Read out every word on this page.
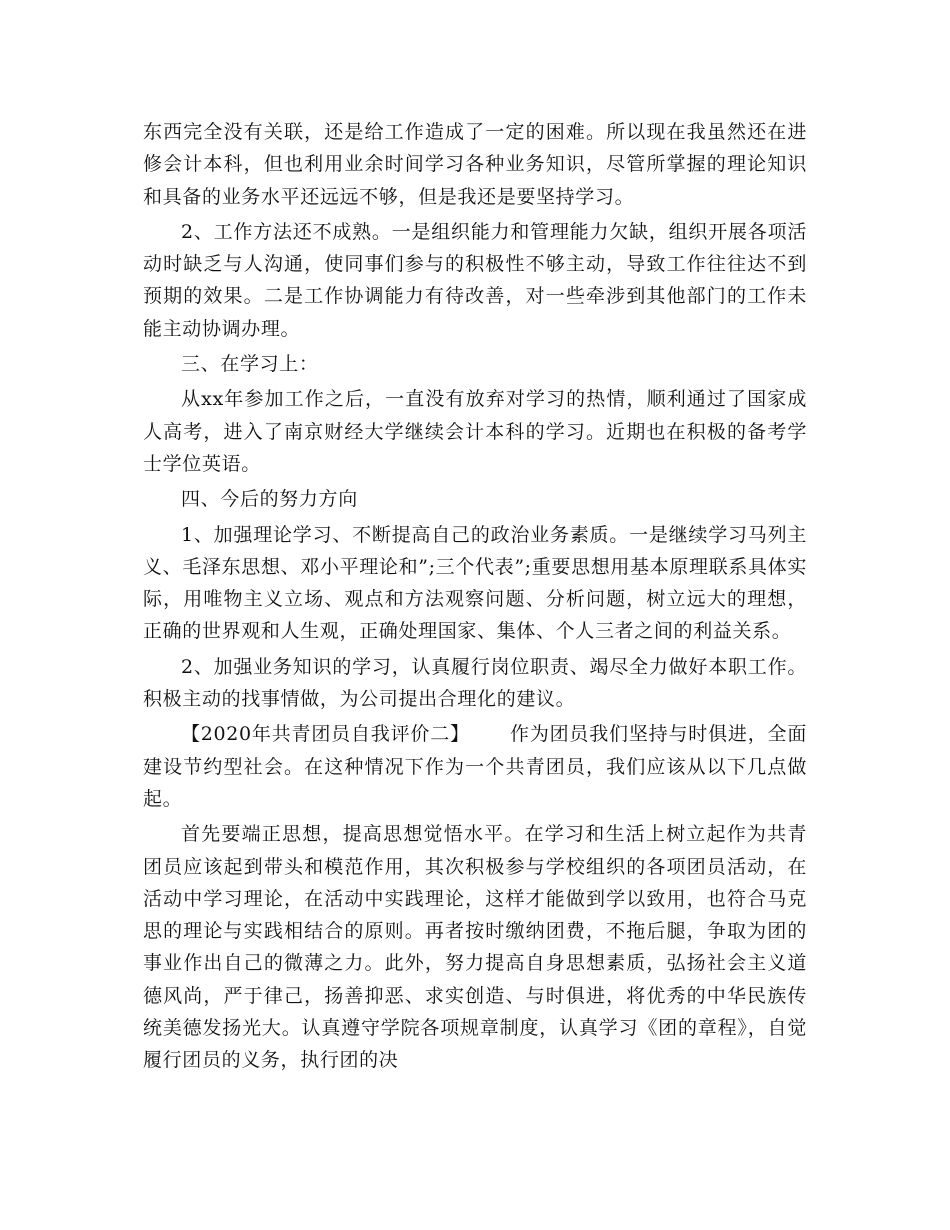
东西完全没有关联，还是给工作造成了一定的困难。所以现在我虽然还在进修会计本科，但也利用业余时间学习各种业务知识，尽管所掌握的理论知识和具备的业务水平还远远不够，但是我还是要坚持学习。

2、工作方法还不成熟。一是组织能力和管理能力欠缺，组织开展各项活动时缺乏与人沟通，使同事们参与的积极性不够主动，导致工作往往达不到预期的效果。二是工作协调能力有待改善，对一些牵涉到其他部门的工作未能主动协调办理。

三、在学习上：

从xx年参加工作之后，一直没有放弃对学习的热情，顺利通过了国家成人高考，进入了南京财经大学继续会计本科的学习。近期也在积极的备考学士学位英语。

四、今后的努力方向

1、加强理论学习、不断提高自己的政治业务素质。一是继续学习马列主义、毛泽东思想、邓小平理论和”;三个代表”;重要思想用基本原理联系具体实际，用唯物主义立场、观点和方法观察问题、分析问题，树立远大的理想，正确的世界观和人生观，正确处理国家、集体、个人三者之间的利益关系。

2、加强业务知识的学习，认真履行岗位职责、竭尽全力做好本职工作。积极主动的找事情做，为公司提出合理化的建议。

【2020年共青团员自我评价二】 作为团员我们坚持与时俱进，全面建设节约型社会。在这种情况下作为一个共青团员，我们应该从以下几点做起。

首先要端正思想，提高思想觉悟水平。在学习和生活上树立起作为共青团员应该起到带头和模范作用，其次积极参与学校组织的各项团员活动，在活动中学习理论，在活动中实践理论，这样才能做到学以致用，也符合马克思的理论与实践相结合的原则。再者按时缴纳团费，不拖后腿，争取为团的事业作出自己的微薄之力。此外，努力提高自身思想素质，弘扬社会主义道德风尚，严于律己，扬善抑恶、求实创造、与时俱进，将优秀的中华民族传统美德发扬光大。认真遵守学院各项规章制度，认真学习《团的章程》，自觉履行团员的义务，执行团的决
